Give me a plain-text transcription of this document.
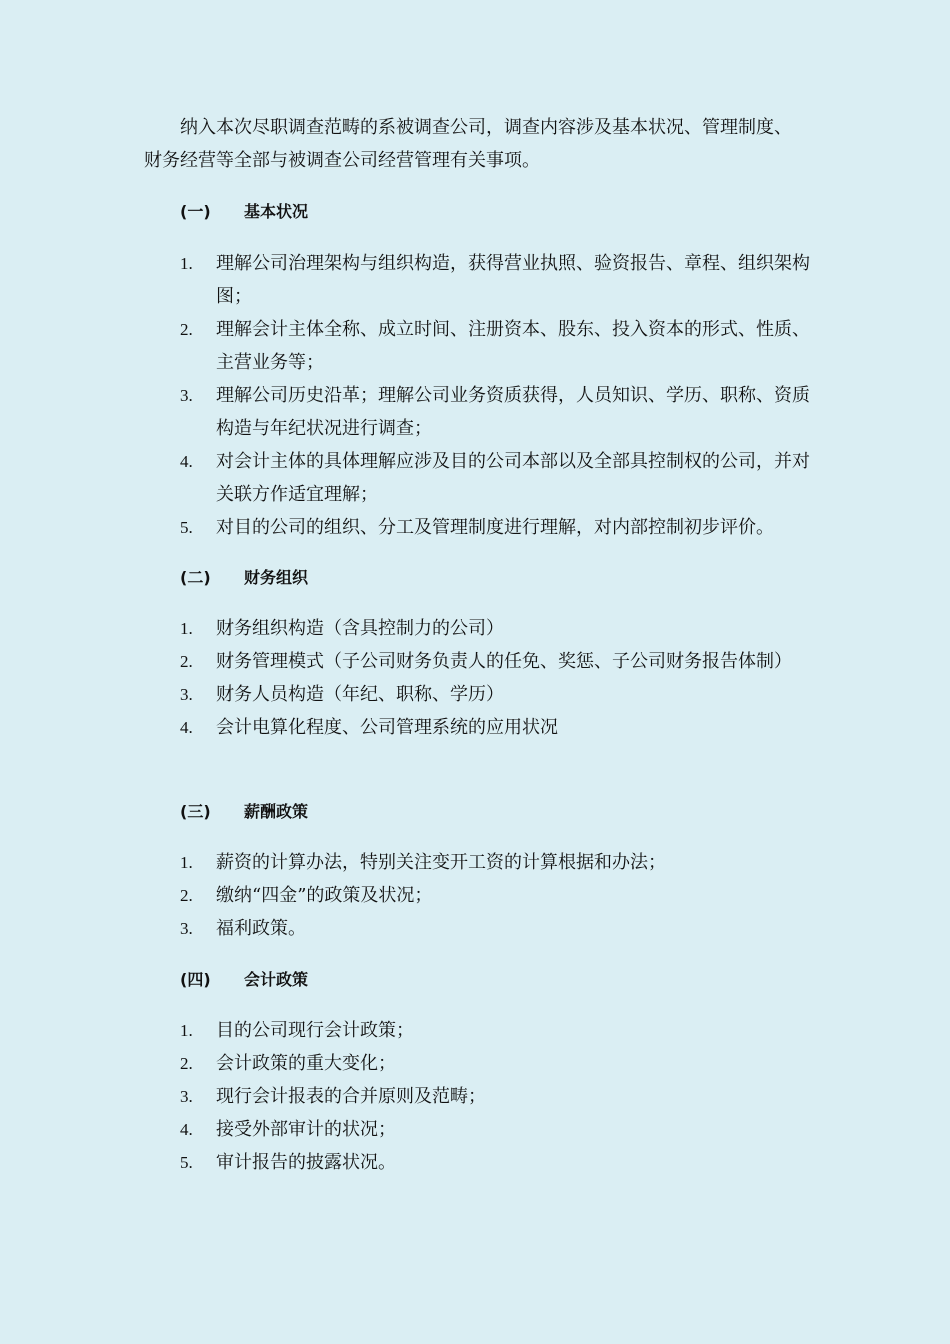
纳入本次尽职调查范畴的系被调查公司，调查内容涉及基本状况、管理制度、财务经营等全部与被调查公司经营管理有关事项。

(一) 基本状况
1. 理解公司治理架构与组织构造，获得营业执照、验资报告、章程、组织架构图；
2. 理解会计主体全称、成立时间、注册资本、股东、投入资本的形式、性质、主营业务等；
3. 理解公司历史沿革；理解公司业务资质获得，人员知识、学历、职称、资质构造与年纪状况进行调查；
4. 对会计主体的具体理解应涉及目的公司本部以及全部具控制权的公司，并对关联方作适宜理解；
5. 对目的公司的组织、分工及管理制度进行理解，对内部控制初步评价。
(二) 财务组织
1. 财务组织构造（含具控制力的公司）
2. 财务管理模式（子公司财务负责人的任免、奖惩、子公司财务报告体制）
3. 财务人员构造（年纪、职称、学历）
4. 会计电算化程度、公司管理系统的应用状况
(三) 薪酬政策
1. 薪资的计算办法，特别关注变开工资的计算根据和办法；
2. 缴纳“四金”的政策及状况；
3. 福利政策。
(四) 会计政策
1. 目的公司现行会计政策；
2. 会计政策的重大变化；
3. 现行会计报表的合并原则及范畴；
4. 接受外部审计的状况；
5. 审计报告的披露状况。
